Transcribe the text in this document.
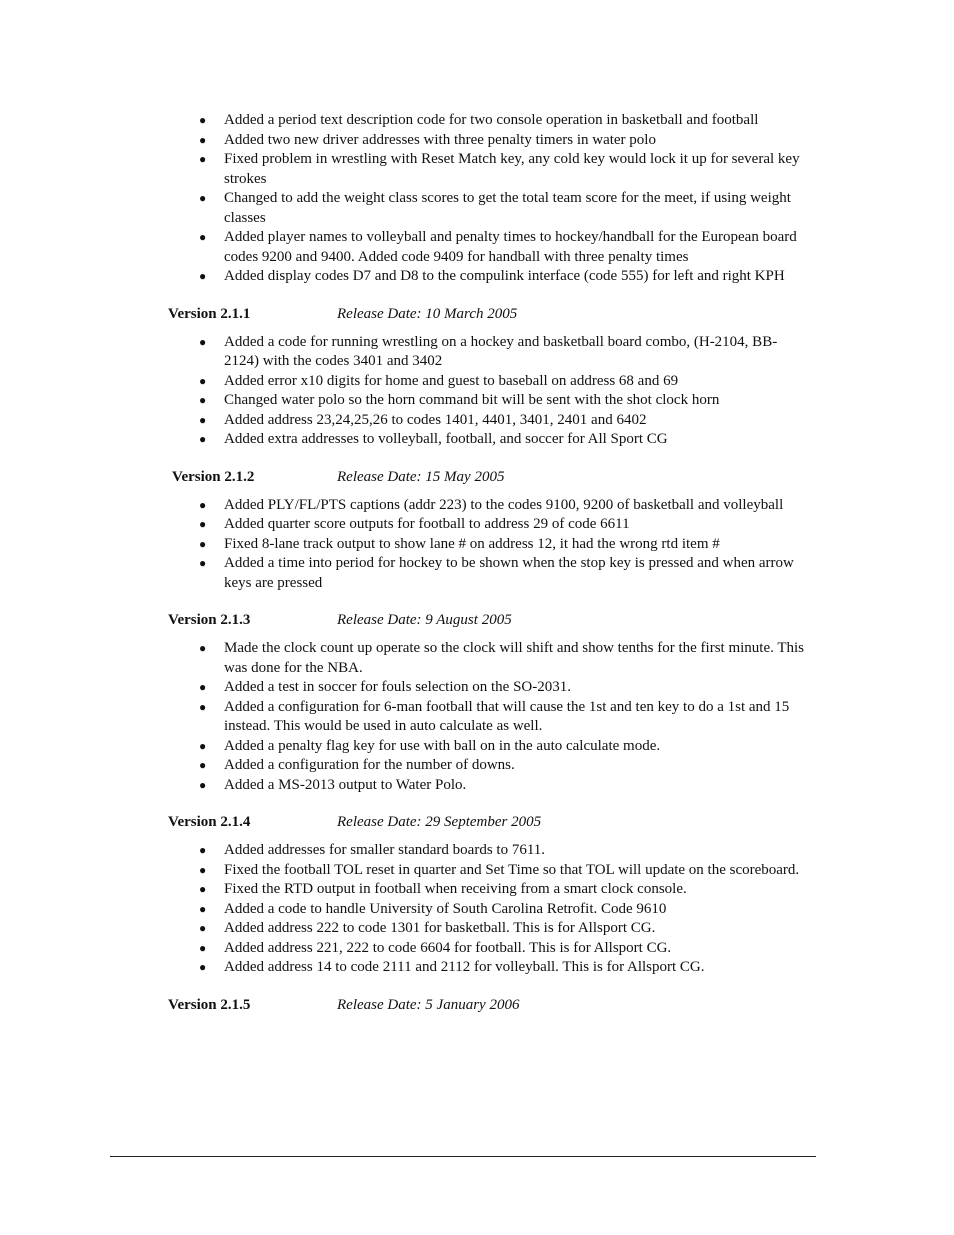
● Added a period text description code for two console operation in basketball and football
● Added two new driver addresses with three penalty timers in water polo
● Fixed problem in wrestling with Reset Match key, any cold key would lock it up for several key strokes
● Changed to add the weight class scores to get the total team score for the meet, if using weight classes
● Added player names to volleyball and penalty times to hockey/handball for the European board codes 9200 and 9400. Added code 9409 for handball with three penalty times
● Added display codes D7 and D8 to the compulink interface (code 555) for left and right KPH
Version 2.1.1	Release Date: 10 March 2005
● Added a code for running wrestling on a hockey and basketball board combo, (H-2104, BB-2124) with the codes 3401 and 3402
● Added error x10 digits for home and guest to baseball on address 68 and 69
● Changed water polo so the horn command bit will be sent with the shot clock horn
● Added address 23,24,25,26 to codes 1401, 4401, 3401, 2401 and 6402
● Added extra addresses to volleyball, football, and soccer for All Sport CG
Version 2.1.2	Release Date: 15 May 2005
● Added PLY/FL/PTS captions (addr 223) to the codes 9100, 9200 of basketball and volleyball
● Added quarter score outputs for football to address 29 of code 6611
● Fixed 8-lane track output to show lane # on address 12, it had the wrong rtd item #
● Added a time into period for hockey to be shown when the stop key is pressed and when arrow keys are pressed
Version 2.1.3	Release Date: 9 August 2005
● Made the clock count up operate so the clock will shift and show tenths for the first minute. This was done for the NBA.
● Added a test in soccer for fouls selection on the SO-2031.
● Added a configuration for 6-man football that will cause the 1st and ten key to do a 1st and 15 instead. This would be used in auto calculate as well.
● Added a penalty flag key for use with ball on in the auto calculate mode.
● Added a configuration for the number of downs.
● Added a MS-2013 output to Water Polo.
Version 2.1.4	Release Date: 29 September 2005
● Added addresses for smaller standard boards to 7611.
● Fixed the football TOL reset in quarter and Set Time so that TOL will update on the scoreboard.
● Fixed the RTD output in football when receiving from a smart clock console.
● Added a code to handle University of South Carolina Retrofit. Code 9610
● Added address 222 to code 1301 for basketball. This is for Allsport CG.
● Added address 221, 222 to code 6604 for football. This is for Allsport CG.
● Added address 14 to code 2111 and 2112 for volleyball. This is for Allsport CG.
Version 2.1.5	Release Date: 5 January 2006
